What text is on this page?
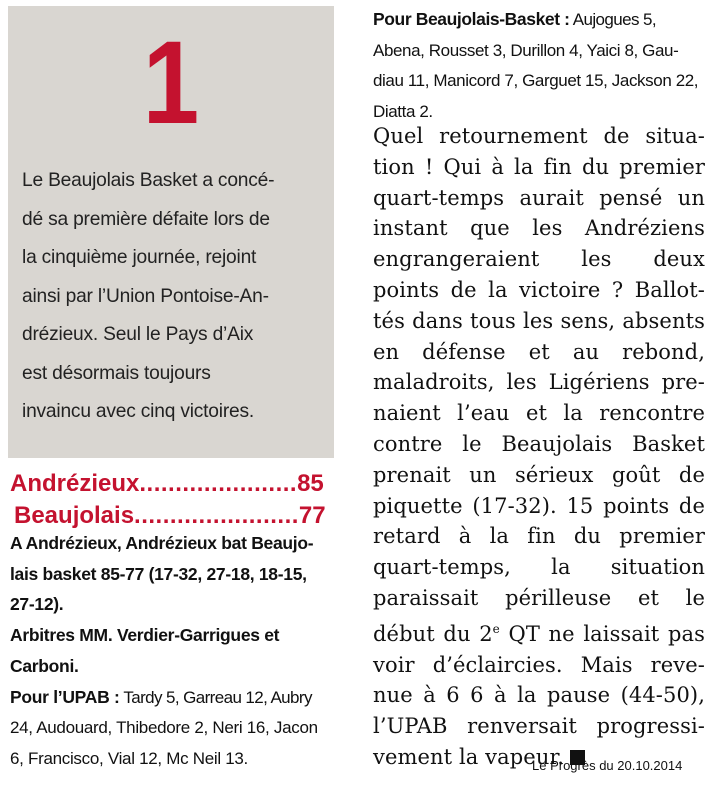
1
Le Beaujolais Basket a concé-
dé sa première défaite lors de
la cinquième journée, rejoint
ainsi par l’Union Pontoise-An-
drézieux. Seul le Pays d’Aix
est désormais toujours
invaincu avec cinq victoires.
Andrézieux......................85
Beaujolais.......................77
A Andrézieux, Andrézieux bat Beaujo-
lais basket 85-77 (17-32, 27-18, 18-15,
27-12).
Arbitres MM. Verdier-Garrigues et
Carboni.
Pour l’UPAB : Tardy 5, Garreau 12, Aubry
24, Audouard, Thibedore 2, Neri 16, Jacon
6, Francisco, Vial 12, Mc Neil 13.
Pour Beaujolais-Basket : Aujogues 5,
Abena, Rousset 3, Durillon 4, Yaici 8, Gau-
diau 11, Manicord 7, Garguet 15, Jackson 22,
Diatta 2.
Quel retournement de situa-
tion ! Qui à la fin du premier
quart-temps aurait pensé un
instant que les Andréziens
engrangeraient les deux
points de la victoire ? Ballot-
tés dans tous les sens, absents
en défense et au rebond,
maladroits, les Ligériens pre-
naient l’eau et la rencontre
contre le Beaujolais Basket
prenait un sérieux goût de
piquette (17-32). 15 points de
retard à la fin du premier
quart-temps, la situation
paraissait périlleuse et le
début du 2e QT ne laissait pas
voir d’éclaircies. Mais reve-
nue à 6 6 à la pause (44-50),
l’UPAB renversait progressi-
vement la vapeur.
Le Progrès du 20.10.2014
